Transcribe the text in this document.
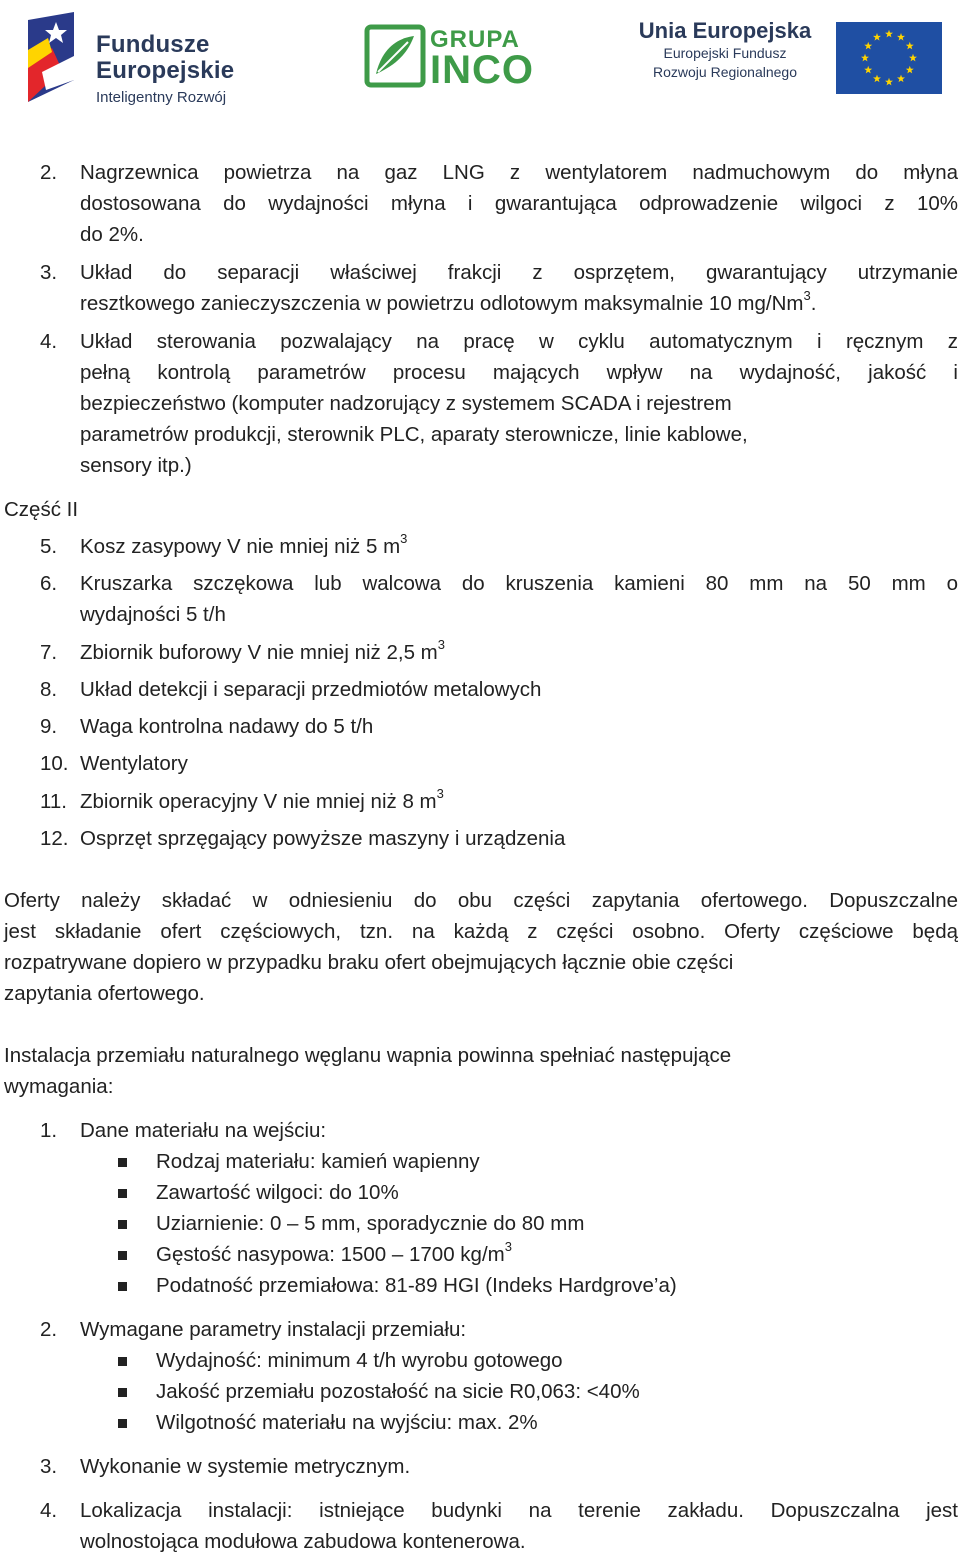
Fundusze
Europejskie
Inteligentny Rozwój
GRUPA
INCO
Unia Europejska
Europejski Fundusz
Rozwoju Regionalnego
2. Nagrzewnica powietrza na gaz LNG z wentylatorem nadmuchowym do młyna
dostosowana do wydajności młyna i gwarantująca odprowadzenie wilgoci z 10%
do 2%.
3. Układ do separacji właściwej frakcji z osprzętem, gwarantujący utrzymanie
resztkowego zanieczyszczenia w powietrzu odlotowym maksymalnie 10 mg/Nm$^3$.
4. Układ sterowania pozwalający na pracę w cyklu automatycznym i ręcznym z
pełną kontrolą parametrów procesu mających wpływ na wydajność, jakość i
bezpieczeństwo (komputer nadzorujący z systemem SCADA i rejestrem
parametrów produkcji, sterownik PLC, aparaty sterownicze, linie kablowe,
sensory itp.)
Część II
5. Kosz zasypowy V nie mniej niż 5 $m^3$
6. Kruszarka szczękowa lub walcowa do kruszenia kamieni 80 mm na 50 mm o
wydajności 5 t/h
7. Zbiornik buforowy V nie mniej niż 2,5 $m^3$
8. Układ detekcji i separacji przedmiotów metalowych
9. Waga kontrolna nadawy do 5 t/h
10. Wentylatory
11. Zbiornik operacyjny V nie mniej niż 8 $m^3$
12. Osprzęt sprzęgający powyższe maszyny i urządzenia
Oferty należy składać w odniesieniu do obu części zapytania ofertowego. Dopuszczalne
jest składanie ofert częściowych, tzn. na każdą z części osobno. Oferty częściowe będą
rozpatrywane dopiero w przypadku braku ofert obejmujących łącznie obie części
zapytania ofertowego.
Instalacja przemiału naturalnego węglanu wapnia powinna spełniać następujące
wymagania:
1. Dane materiału na wejściu:
Rodzaj materiału: kamień wapienny
Zawartość wilgoci: do 10%
Uziarnienie: 0 – 5 mm, sporadycznie do 80 mm
Gęstość nasypowa: 1500 – 1700 $kg/m^3$
Podatność przemiałowa: 81-89 HGI (Indeks Hardgrove’a)
2. Wymagane parametry instalacji przemiału:
Wydajność: minimum 4 t/h wyrobu gotowego
Jakość przemiału pozostałość na sicie R0,063: <40%
Wilgotność materiału na wyjściu: max. 2%
3. Wykonanie w systemie metrycznym.
4. Lokalizacja instalacji: istniejące budynki na terenie zakładu. Dopuszczalna jest
wolnostojąca modułowa zabudowa kontenerowa.
